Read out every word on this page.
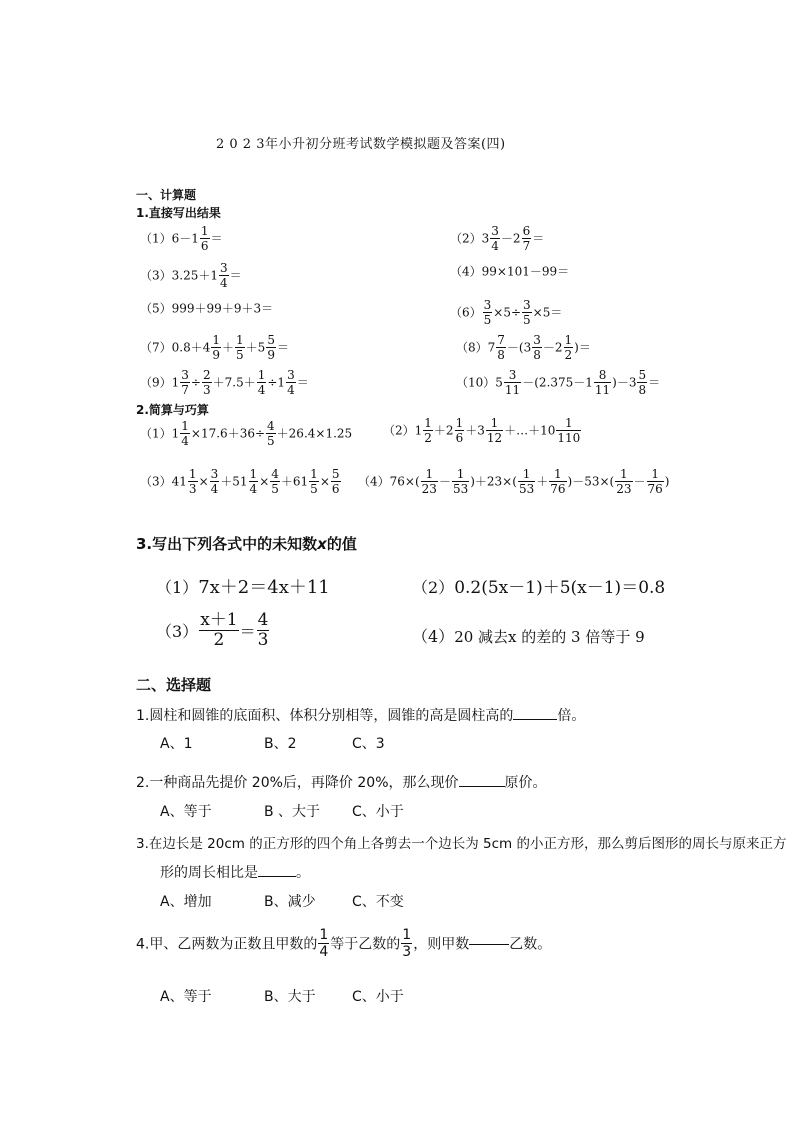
2 0 2 3年小升初分班考试数学模拟题及答案(四)
一、计算题
1.直接写出结果
$(1)6-1 \frac{1}{6}$ ＝	$(2)3 \frac{3}{4} -2 \frac{6}{7}$ ＝
$(3)3.25+1 \frac{3}{4}$ ＝	（4）99×101－99＝
（5）999＋99＋9＋3＝	$(6) \frac{3}{5} \times 5\div \frac{3}{5} \times 5=$
$(7)0.8+4 \frac{1}{9} + \frac{1}{5} +5 \frac{5}{9}$ ＝	$(8)7 \frac{7}{8} -(3 \frac{3}{8} -2 \frac{1}{2}$ )＝
$(9)1 \frac{3}{7} \div \frac{2}{3} +7.5+ \frac{1}{4} \div 1 \frac{3}{4}$ ＝	$(10)5 \frac{3}{11} -(2.375-1 \frac{8}{11} )-3 \frac{5}{8}$ ＝
2.简算与巧算
$(1)1 \frac{1}{4} \times 17.6+36\div \frac{4}{5} +26.4\times 1.25$	$(2)1 \frac{1}{2} +2 \frac{1}{6} +3 \frac{1}{12}$ ＋…＋10 $\frac{1}{110}$
$(3)41 \frac{1}{3} \times \frac{3}{4} +51 \frac{1}{4} \times \frac{4}{5} +61 \frac{1}{5} \times \frac{5}{6} (4)76\times( \frac{1}{23} - \frac{1}{53} )+23\times( \frac{1}{53} + \frac{1}{76} )-53\times( \frac{1}{23} - \frac{1}{76}$ )
3.写出下列各式中的未知数x的值
（1）7x＋2＝4x＋11	（2）0.2(5x－1)＋5(x－1)＝0.8
$(3) \frac{x+1}{2} = \frac{4}{3}$	（4）20 减去x 的差的 3 倍等于 9
二、选择题
1.圆柱和圆锥的底面积、体积分别相等，圆锥的高是圆柱高的	倍。
A、1	B、2	C、3
2.一种商品先提价 20%后，再降价 20%，那么现价	原价。
A、等于	B 、大于 C、小于
3.在边长是 20cm 的正方形的四个角上各剪去一个边长为 5cm 的小正方形，那么剪后图形的周长与原来正方
形的周长相比是	。
A、增加	B、减少	C、不变
4.甲、乙两数为正数且甲数的 $\frac{1}{4}$ 等于乙数的 $\frac{1}{3}$ ，则甲数	乙数。
A、等于	B、大于	C、小于
